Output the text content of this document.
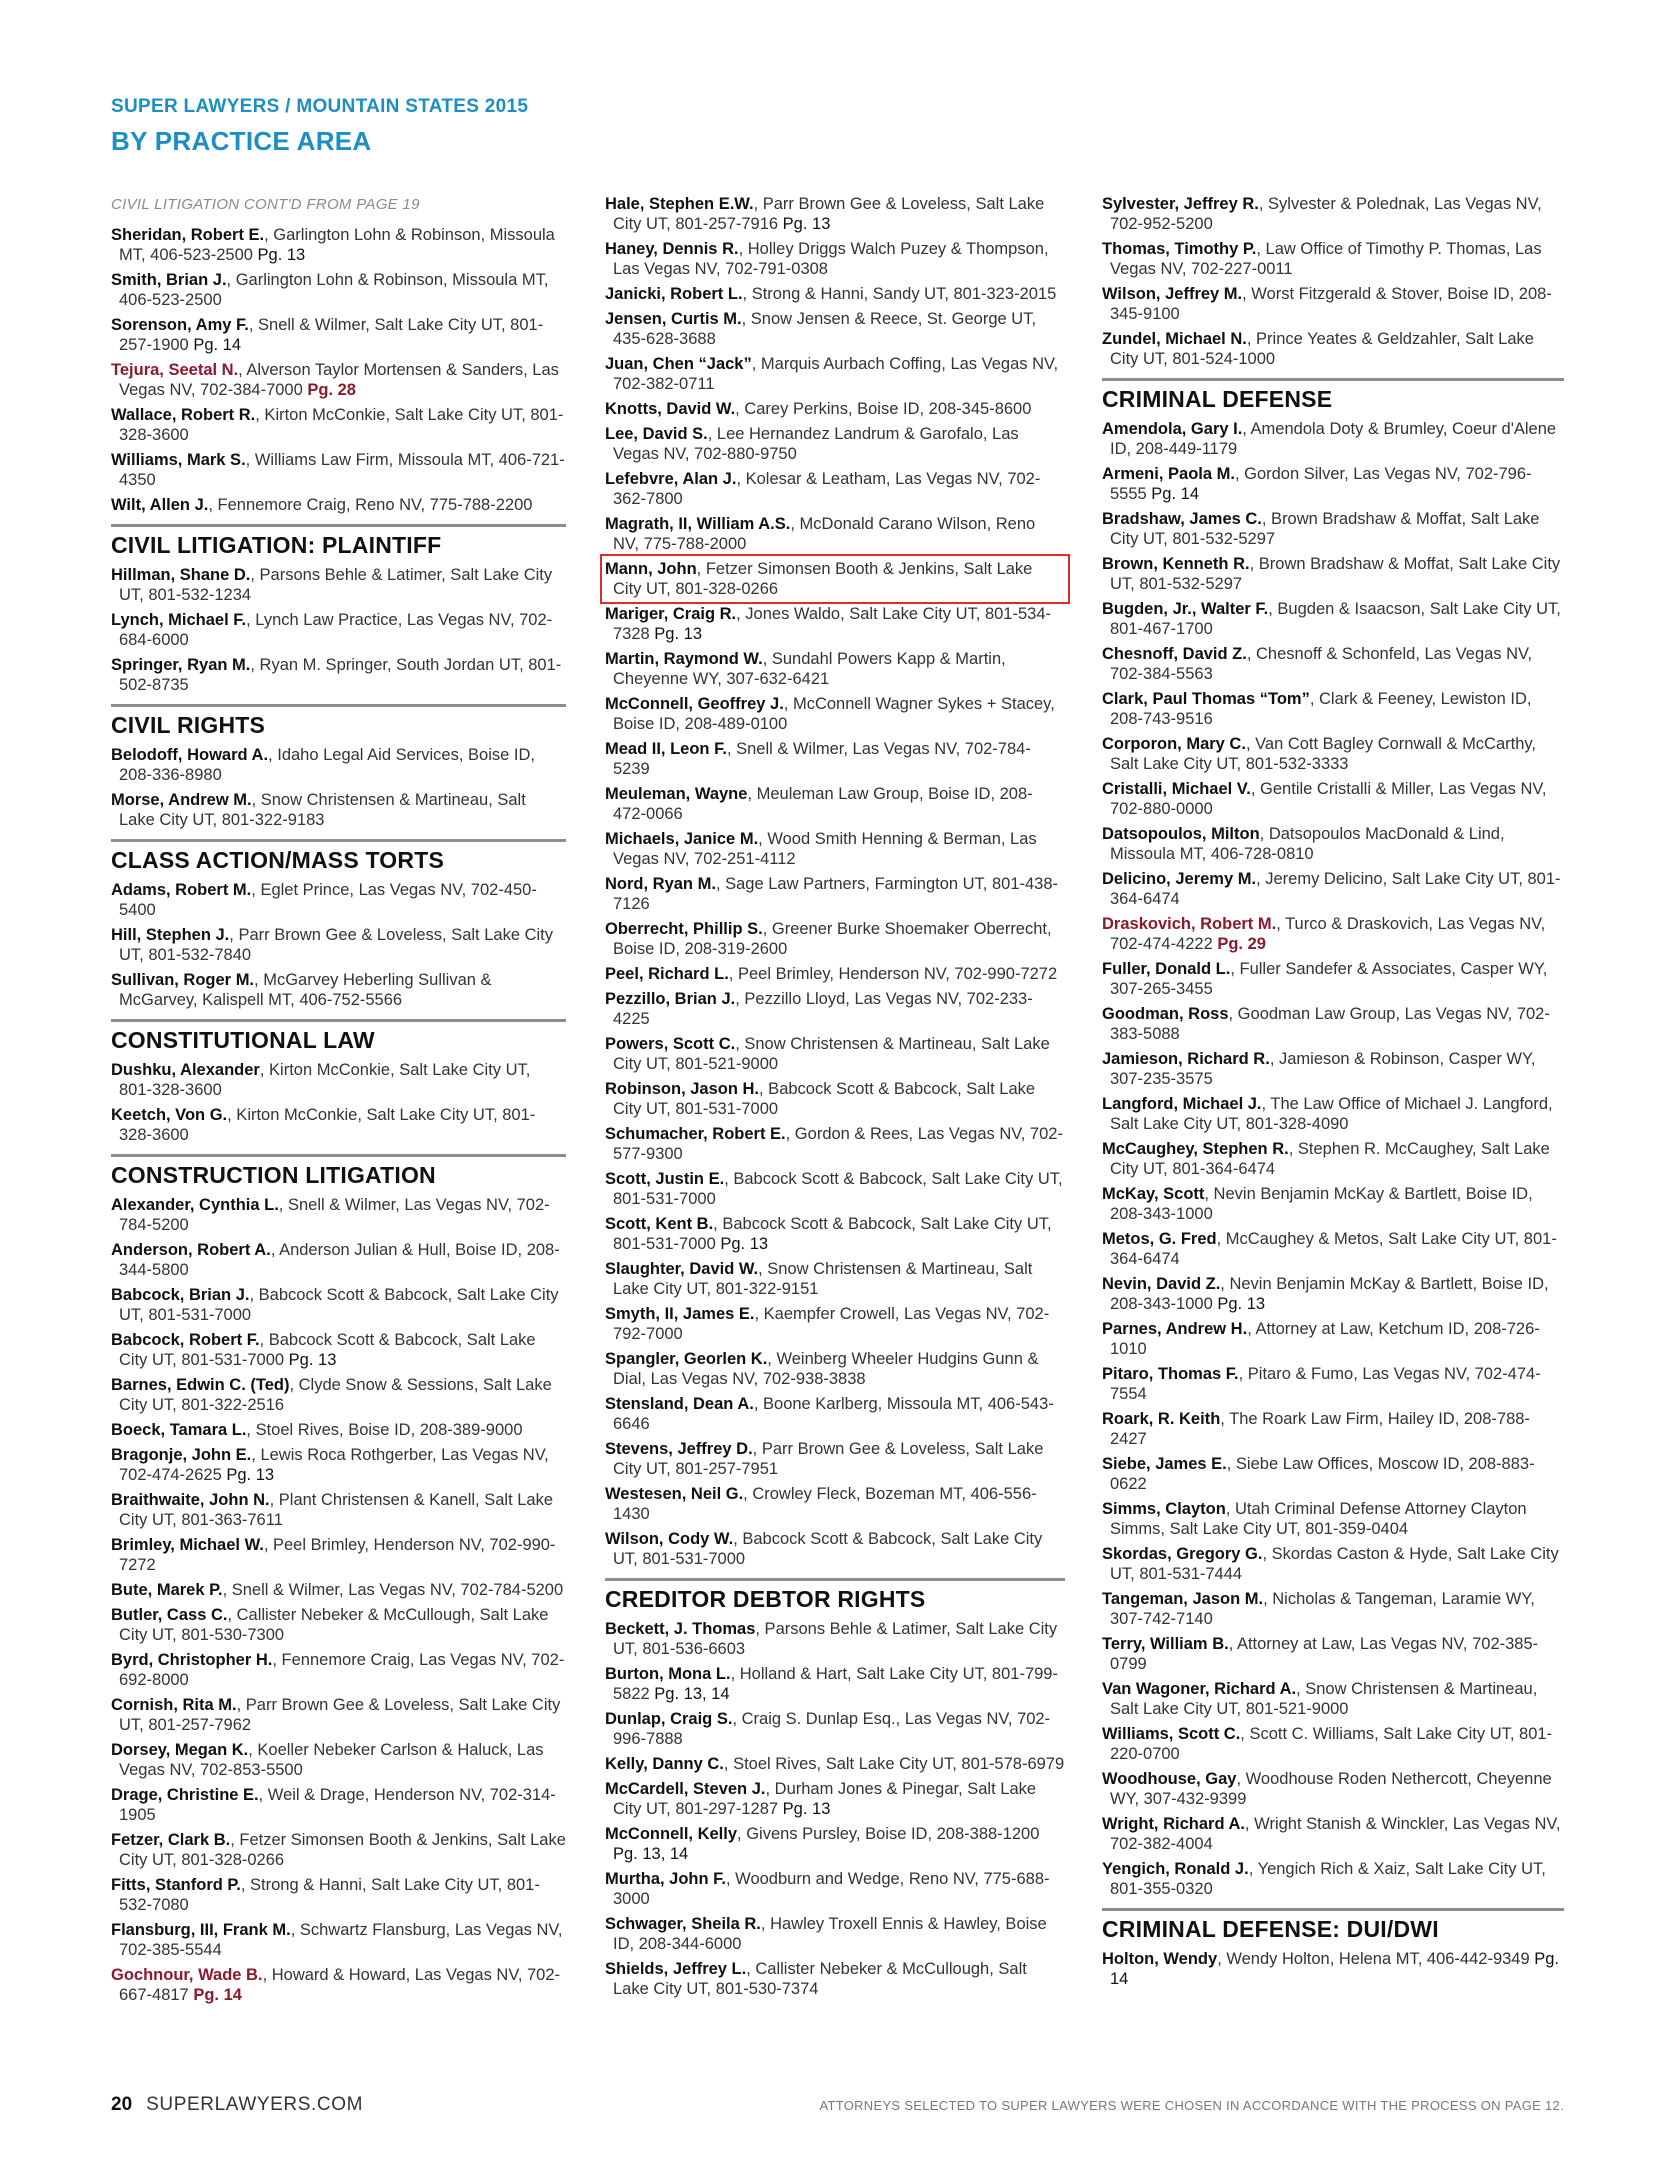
SUPER LAWYERS / MOUNTAIN STATES 2015
BY PRACTICE AREA
CIVIL LITIGATION CONT'D FROM PAGE 19
Sheridan, Robert E., Garlington Lohn & Robinson, Missoula MT, 406-523-2500 Pg. 13
Smith, Brian J., Garlington Lohn & Robinson, Missoula MT, 406-523-2500
Sorenson, Amy F., Snell & Wilmer, Salt Lake City UT, 801-257-1900 Pg. 14
Tejura, Seetal N., Alverson Taylor Mortensen & Sanders, Las Vegas NV, 702-384-7000 Pg. 28
Wallace, Robert R., Kirton McConkie, Salt Lake City UT, 801-328-3600
Williams, Mark S., Williams Law Firm, Missoula MT, 406-721-4350
Wilt, Allen J., Fennemore Craig, Reno NV, 775-788-2200
CIVIL LITIGATION: PLAINTIFF
Hillman, Shane D., Parsons Behle & Latimer, Salt Lake City UT, 801-532-1234
Lynch, Michael F., Lynch Law Practice, Las Vegas NV, 702-684-6000
Springer, Ryan M., Ryan M. Springer, South Jordan UT, 801-502-8735
CIVIL RIGHTS
Belodoff, Howard A., Idaho Legal Aid Services, Boise ID, 208-336-8980
Morse, Andrew M., Snow Christensen & Martineau, Salt Lake City UT, 801-322-9183
CLASS ACTION/MASS TORTS
Adams, Robert M., Eglet Prince, Las Vegas NV, 702-450-5400
Hill, Stephen J., Parr Brown Gee & Loveless, Salt Lake City UT, 801-532-7840
Sullivan, Roger M., McGarvey Heberling Sullivan & McGarvey, Kalispell MT, 406-752-5566
CONSTITUTIONAL LAW
Dushku, Alexander, Kirton McConkie, Salt Lake City UT, 801-328-3600
Keetch, Von G., Kirton McConkie, Salt Lake City UT, 801-328-3600
CONSTRUCTION LITIGATION
Alexander, Cynthia L., Snell & Wilmer, Las Vegas NV, 702-784-5200
Anderson, Robert A., Anderson Julian & Hull, Boise ID, 208-344-5800
Babcock, Brian J., Babcock Scott & Babcock, Salt Lake City UT, 801-531-7000
Babcock, Robert F., Babcock Scott & Babcock, Salt Lake City UT, 801-531-7000 Pg. 13
Barnes, Edwin C. (Ted), Clyde Snow & Sessions, Salt Lake City UT, 801-322-2516
Boeck, Tamara L., Stoel Rives, Boise ID, 208-389-9000
Bragonje, John E., Lewis Roca Rothgerber, Las Vegas NV, 702-474-2625 Pg. 13
Braithwaite, John N., Plant Christensen & Kanell, Salt Lake City UT, 801-363-7611
Brimley, Michael W., Peel Brimley, Henderson NV, 702-990-7272
Bute, Marek P., Snell & Wilmer, Las Vegas NV, 702-784-5200
Butler, Cass C., Callister Nebeker & McCullough, Salt Lake City UT, 801-530-7300
Byrd, Christopher H., Fennemore Craig, Las Vegas NV, 702-692-8000
Cornish, Rita M., Parr Brown Gee & Loveless, Salt Lake City UT, 801-257-7962
Dorsey, Megan K., Koeller Nebeker Carlson & Haluck, Las Vegas NV, 702-853-5500
Drage, Christine E., Weil & Drage, Henderson NV, 702-314-1905
Fetzer, Clark B., Fetzer Simonsen Booth & Jenkins, Salt Lake City UT, 801-328-0266
Fitts, Stanford P., Strong & Hanni, Salt Lake City UT, 801-532-7080
Flansburg, III, Frank M., Schwartz Flansburg, Las Vegas NV, 702-385-5544
Gochnour, Wade B., Howard & Howard, Las Vegas NV, 702-667-4817 Pg. 14
Hale, Stephen E.W., Parr Brown Gee & Loveless, Salt Lake City UT, 801-257-7916 Pg. 13
Haney, Dennis R., Holley Driggs Walch Puzey & Thompson, Las Vegas NV, 702-791-0308
Janicki, Robert L., Strong & Hanni, Sandy UT, 801-323-2015
Jensen, Curtis M., Snow Jensen & Reece, St. George UT, 435-628-3688
Juan, Chen “Jack”, Marquis Aurbach Coffing, Las Vegas NV, 702-382-0711
Knotts, David W., Carey Perkins, Boise ID, 208-345-8600
Lee, David S., Lee Hernandez Landrum & Garofalo, Las Vegas NV, 702-880-9750
Lefebvre, Alan J., Kolesar & Leatham, Las Vegas NV, 702-362-7800
Magrath, II, William A.S., McDonald Carano Wilson, Reno NV, 775-788-2000
Mann, John, Fetzer Simonsen Booth & Jenkins, Salt Lake City UT, 801-328-0266
Mariger, Craig R., Jones Waldo, Salt Lake City UT, 801-534-7328 Pg. 13
Martin, Raymond W., Sundahl Powers Kapp & Martin, Cheyenne WY, 307-632-6421
McConnell, Geoffrey J., McConnell Wagner Sykes + Stacey, Boise ID, 208-489-0100
Mead II, Leon F., Snell & Wilmer, Las Vegas NV, 702-784-5239
Meuleman, Wayne, Meuleman Law Group, Boise ID, 208-472-0066
Michaels, Janice M., Wood Smith Henning & Berman, Las Vegas NV, 702-251-4112
Nord, Ryan M., Sage Law Partners, Farmington UT, 801-438-7126
Oberrecht, Phillip S., Greener Burke Shoemaker Oberrecht, Boise ID, 208-319-2600
Peel, Richard L., Peel Brimley, Henderson NV, 702-990-7272
Pezzillo, Brian J., Pezzillo Lloyd, Las Vegas NV, 702-233-4225
Powers, Scott C., Snow Christensen & Martineau, Salt Lake City UT, 801-521-9000
Robinson, Jason H., Babcock Scott & Babcock, Salt Lake City UT, 801-531-7000
Schumacher, Robert E., Gordon & Rees, Las Vegas NV, 702-577-9300
Scott, Justin E., Babcock Scott & Babcock, Salt Lake City UT, 801-531-7000
Scott, Kent B., Babcock Scott & Babcock, Salt Lake City UT, 801-531-7000 Pg. 13
Slaughter, David W., Snow Christensen & Martineau, Salt Lake City UT, 801-322-9151
Smyth, II, James E., Kaempfer Crowell, Las Vegas NV, 702-792-7000
Spangler, Georlen K., Weinberg Wheeler Hudgins Gunn & Dial, Las Vegas NV, 702-938-3838
Stensland, Dean A., Boone Karlberg, Missoula MT, 406-543-6646
Stevens, Jeffrey D., Parr Brown Gee & Loveless, Salt Lake City UT, 801-257-7951
Westesen, Neil G., Crowley Fleck, Bozeman MT, 406-556-1430
Wilson, Cody W., Babcock Scott & Babcock, Salt Lake City UT, 801-531-7000
CREDITOR DEBTOR RIGHTS
Beckett, J. Thomas, Parsons Behle & Latimer, Salt Lake City UT, 801-536-6603
Burton, Mona L., Holland & Hart, Salt Lake City UT, 801-799-5822 Pg. 13, 14
Dunlap, Craig S., Craig S. Dunlap Esq., Las Vegas NV, 702-996-7888
Kelly, Danny C., Stoel Rives, Salt Lake City UT, 801-578-6979
McCardell, Steven J., Durham Jones & Pinegar, Salt Lake City UT, 801-297-1287 Pg. 13
McConnell, Kelly, Givens Pursley, Boise ID, 208-388-1200 Pg. 13, 14
Murtha, John F., Woodburn and Wedge, Reno NV, 775-688-3000
Schwager, Sheila R., Hawley Troxell Ennis & Hawley, Boise ID, 208-344-6000
Shields, Jeffrey L., Callister Nebeker & McCullough, Salt Lake City UT, 801-530-7374
Sylvester, Jeffrey R., Sylvester & Polednak, Las Vegas NV, 702-952-5200
Thomas, Timothy P., Law Office of Timothy P. Thomas, Las Vegas NV, 702-227-0011
Wilson, Jeffrey M., Worst Fitzgerald & Stover, Boise ID, 208-345-9100
Zundel, Michael N., Prince Yeates & Geldzahler, Salt Lake City UT, 801-524-1000
CRIMINAL DEFENSE
Amendola, Gary I., Amendola Doty & Brumley, Coeur d'Alene ID, 208-449-1179
Armeni, Paola M., Gordon Silver, Las Vegas NV, 702-796-5555 Pg. 14
Bradshaw, James C., Brown Bradshaw & Moffat, Salt Lake City UT, 801-532-5297
Brown, Kenneth R., Brown Bradshaw & Moffat, Salt Lake City UT, 801-532-5297
Bugden, Jr., Walter F., Bugden & Isaacson, Salt Lake City UT, 801-467-1700
Chesnoff, David Z., Chesnoff & Schonfeld, Las Vegas NV, 702-384-5563
Clark, Paul Thomas “Tom”, Clark & Feeney, Lewiston ID, 208-743-9516
Corporon, Mary C., Van Cott Bagley Cornwall & McCarthy, Salt Lake City UT, 801-532-3333
Cristalli, Michael V., Gentile Cristalli & Miller, Las Vegas NV, 702-880-0000
Datsopoulos, Milton, Datsopoulos MacDonald & Lind, Missoula MT, 406-728-0810
Delicino, Jeremy M., Jeremy Delicino, Salt Lake City UT, 801-364-6474
Draskovich, Robert M., Turco & Draskovich, Las Vegas NV, 702-474-4222 Pg. 29
Fuller, Donald L., Fuller Sandefer & Associates, Casper WY, 307-265-3455
Goodman, Ross, Goodman Law Group, Las Vegas NV, 702-383-5088
Jamieson, Richard R., Jamieson & Robinson, Casper WY, 307-235-3575
Langford, Michael J., The Law Office of Michael J. Langford, Salt Lake City UT, 801-328-4090
McCaughey, Stephen R., Stephen R. McCaughey, Salt Lake City UT, 801-364-6474
McKay, Scott, Nevin Benjamin McKay & Bartlett, Boise ID, 208-343-1000
Metos, G. Fred, McCaughey & Metos, Salt Lake City UT, 801-364-6474
Nevin, David Z., Nevin Benjamin McKay & Bartlett, Boise ID, 208-343-1000 Pg. 13
Parnes, Andrew H., Attorney at Law, Ketchum ID, 208-726-1010
Pitaro, Thomas F., Pitaro & Fumo, Las Vegas NV, 702-474-7554
Roark, R. Keith, The Roark Law Firm, Hailey ID, 208-788-2427
Siebe, James E., Siebe Law Offices, Moscow ID, 208-883-0622
Simms, Clayton, Utah Criminal Defense Attorney Clayton Simms, Salt Lake City UT, 801-359-0404
Skordas, Gregory G., Skordas Caston & Hyde, Salt Lake City UT, 801-531-7444
Tangeman, Jason M., Nicholas & Tangeman, Laramie WY, 307-742-7140
Terry, William B., Attorney at Law, Las Vegas NV, 702-385-0799
Van Wagoner, Richard A., Snow Christensen & Martineau, Salt Lake City UT, 801-521-9000
Williams, Scott C., Scott C. Williams, Salt Lake City UT, 801-220-0700
Woodhouse, Gay, Woodhouse Roden Nethercott, Cheyenne WY, 307-432-9399
Wright, Richard A., Wright Stanish & Winckler, Las Vegas NV, 702-382-4004
Yengich, Ronald J., Yengich Rich & Xaiz, Salt Lake City UT, 801-355-0320
CRIMINAL DEFENSE: DUI/DWI
Holton, Wendy, Wendy Holton, Helena MT, 406-442-9349 Pg. 14
20 SUPERLAWYERS.COM	ATTORNEYS SELECTED TO SUPER LAWYERS WERE CHOSEN IN ACCORDANCE WITH THE PROCESS ON PAGE 12.
